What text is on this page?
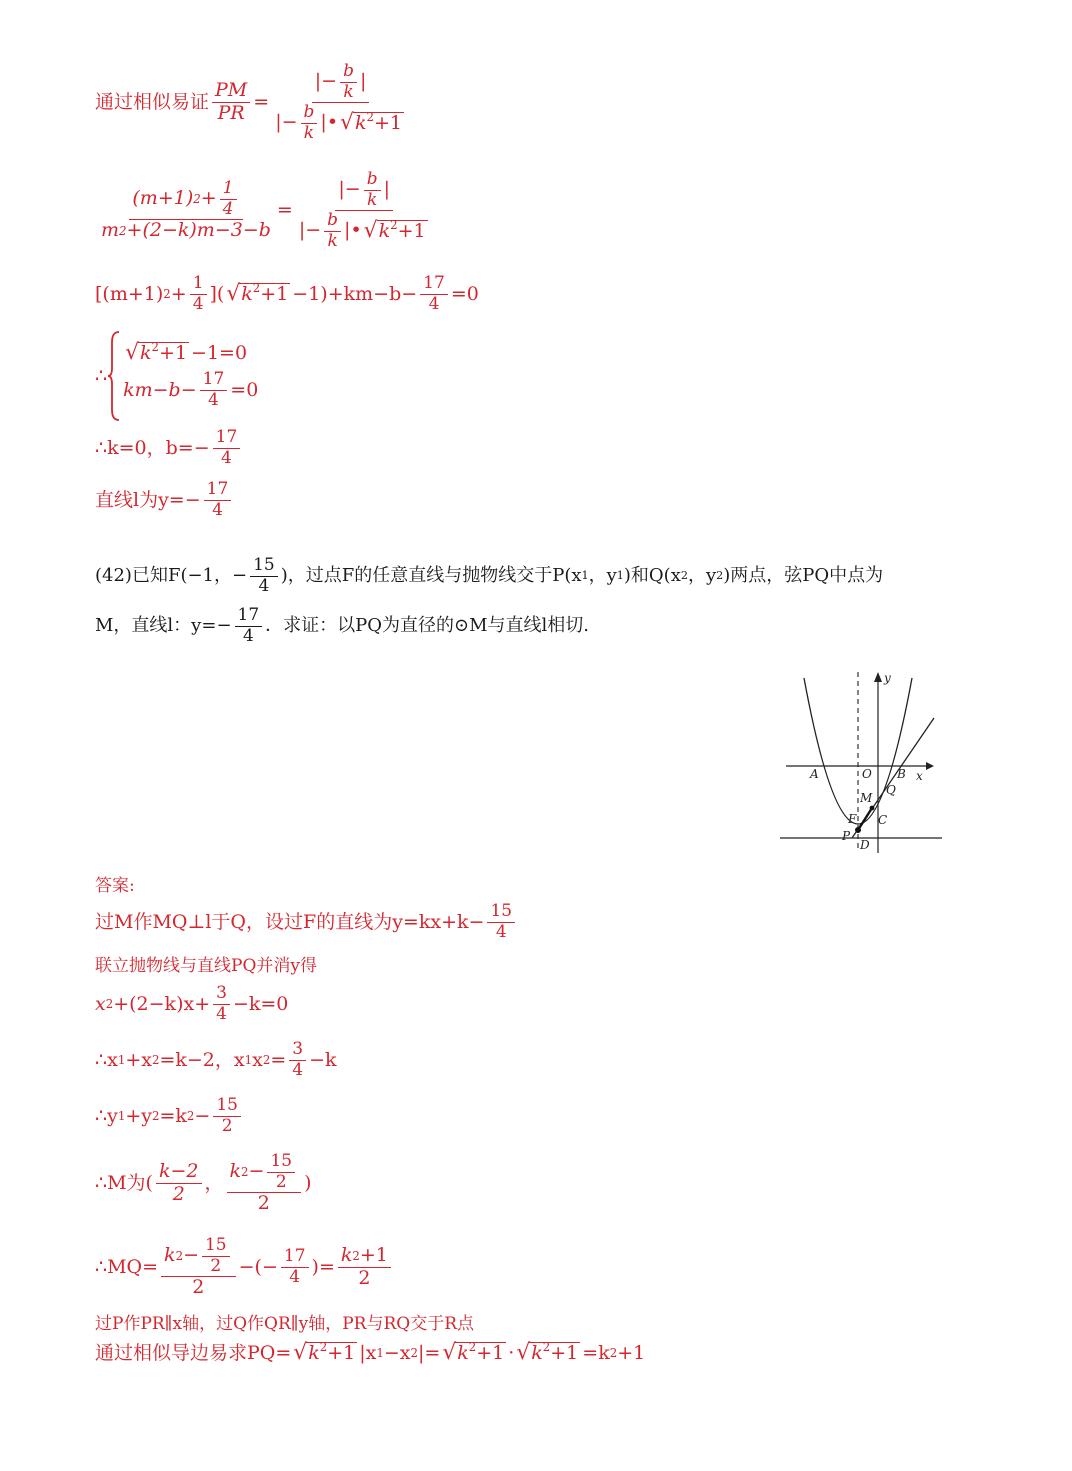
通过相似易证 $\frac{PM}{PR} = \frac{|- \frac{b}{k} |}{|- \frac{b}{k} | • √ k^2+1}$
$\frac{(m+1) 2 + \frac{1}{4}}{m 2 +(2-k)m-3-b} = \frac{|- \frac{b}{k} |}{|- \frac{b}{k} | • √ k^2+1}$
[(m+1) $2 + \frac{1}{4}$ ]( √ $k^2+1 -1)+km-b- \frac{17}{4} =0$
∴
√ $k^2+1 -1=0$
$km-b- \frac{17}{4} =0$
∴k=0，$b=- \frac{17}{4}$
直线l为$y=- \frac{17}{4}$
(42)已知F(−1，− $\frac{15}{4}$ )，过点F的任意直线与抛物线交于P(x 1 ，y 1 )和Q(x 2 ，y 2 )两点，弦PQ中点为
M，直线l：$y=- \frac{17}{4}$ ．求证：以PQ为直径的⊙M与直线l相切.
y
x
A	O B
M
Q
F C
P
D
答案:
过M作MQ⊥l于Q，设过F的直线为$y=kx+k- \frac{15}{4}$
联立抛物线与直线PQ并消y得
x $2 +(2-k)x+ \frac{3}{4} -k=0$
∴x 1 +x 2 =k−2，x 1 x $2 = \frac{3}{4} -k$
∴y 1 +y 2 =k $2 - \frac{15}{2}$
∴M为( $\frac{k-2}{2}$ ， $\frac{k 2 - \frac{15}{2}}{2}$ )
∴MQ= $\frac{k 2 - \frac{15}{2}}{2}$ −(− $\frac{17}{4}$ )= $\frac{k 2 +1}{2}$
过P作PR∥x轴，过Q作QR∥y轴，PR与RQ交于R点
通过相似导边易求PQ= √ $k^2+1$ |x 1 −x 2 |= √ $k^2+1$ · √ $k^2+1 =k$ 2 +1
